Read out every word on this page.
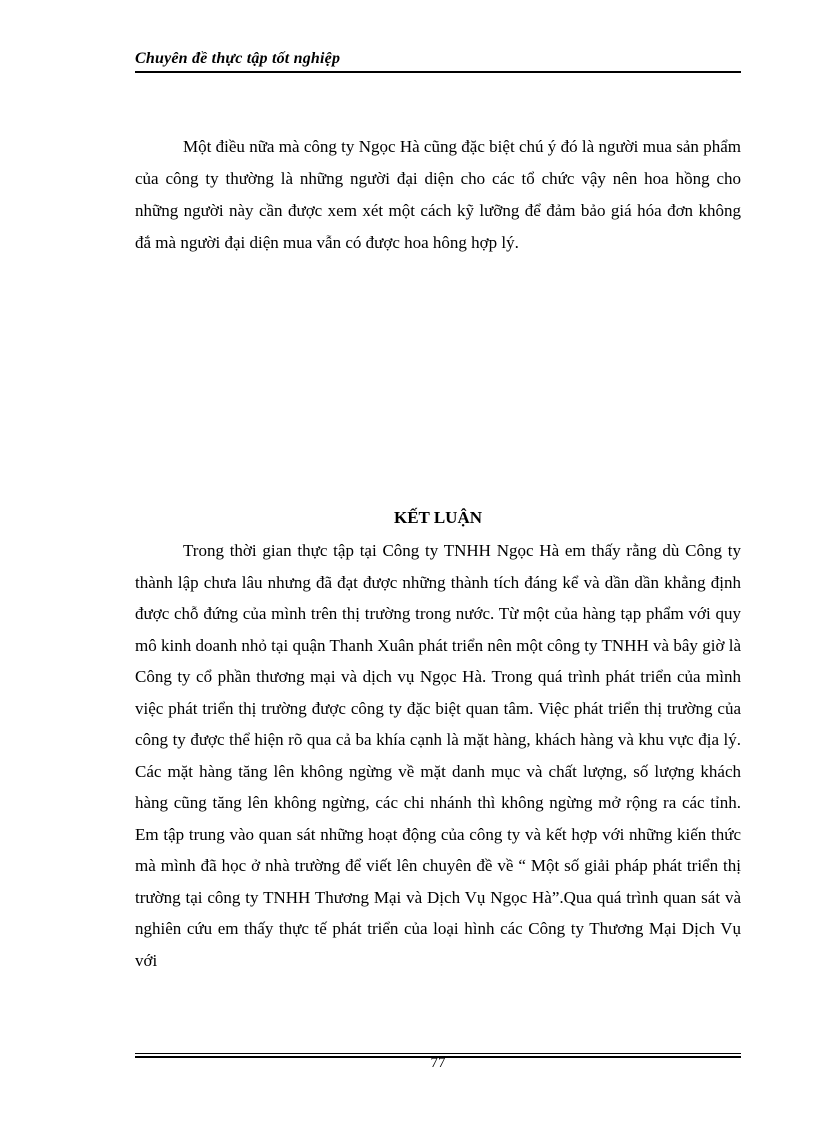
Chuyên đề thực tập tốt nghiệp

Một điều nữa mà công ty Ngọc Hà cũng đặc biệt chú ý đó là người mua sản phẩm của công ty thường là những người đại diện cho các tổ chức vậy nên hoa hồng cho những người này cần được xem xét một cách kỹ lưỡng để đảm bảo giá hóa đơn không đắ mà người đại diện mua vẫn có được hoa hông hợp lý.

KẾT LUẬN

Trong thời gian thực tập tại Công ty TNHH Ngọc Hà em thấy rằng dù Công ty thành lập chưa lâu nhưng đã đạt được những thành tích đáng kể và dần dần khẳng định được chỗ đứng của mình trên thị trường trong nước. Từ một của hàng tạp phẩm với quy mô kinh doanh nhỏ tại quận Thanh Xuân phát triển nên một công ty TNHH và bây giờ là Công ty cổ phần thương mại và dịch vụ Ngọc Hà. Trong quá trình phát triển của mình việc phát triển thị trường được công ty đặc biệt quan tâm. Việc phát triển thị trường của công ty được thể hiện rõ qua cả ba khía cạnh là mặt hàng, khách hàng và khu vực địa lý. Các mặt hàng tăng lên không ngừng về mặt danh mục và chất lượng, số lượng khách hàng cũng tăng lên không ngừng, các chi nhánh thì không ngừng mở rộng ra các tỉnh. Em tập trung vào quan sát những hoạt động của công ty và kết hợp với những kiến thức mà mình đã học ở nhà trường để viết lên chuyên đề về “ Một số giải pháp phát triển thị trường tại công ty TNHH Thương Mại và Dịch Vụ Ngọc Hà”.Qua quá trình quan sát và nghiên cứu em thấy thực tế phát triển của loại hình các Công ty Thương Mại Dịch Vụ với

77
